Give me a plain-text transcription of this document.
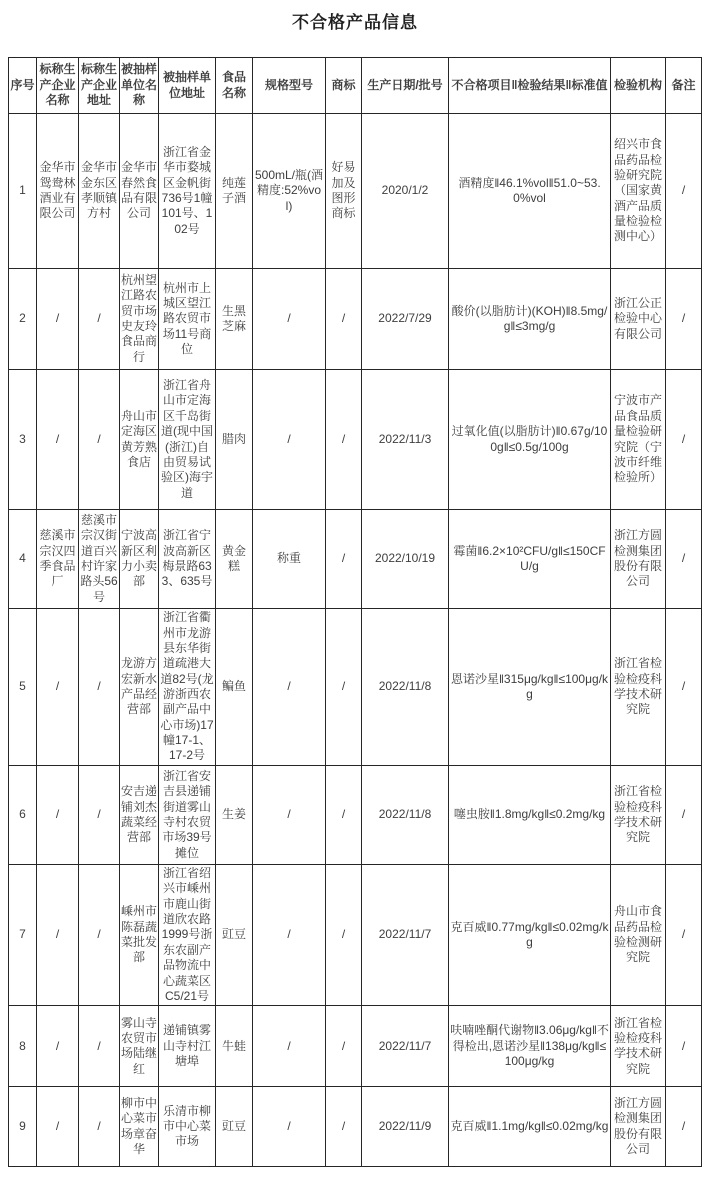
不合格产品信息
序号	标称生产企业名称	标称生产企业地址	被抽样单位名称	被抽样单位地址	食品名称	规格型号	商标	生产日期/批号	不合格项目‖检验结果‖标准值	检验机构	备注
1	金华市鸳鸯林酒业有限公司	金华市金东区孝顺镇方村	金华市春然食品有限公司	浙江省金华市婺城区金帆街736号1幢101号、102号	纯莲子酒	500mL/瓶(酒精度:52%vol)	好易加及图形商标	2020/1/2	酒精度‖46.1%vol‖51.0~53.0%vol	绍兴市食品药品检验研究院（国家黄酒产品质量检验检测中心）	/
2	/	/	杭州望江路农贸市场史友玲食品商行	杭州市上城区望江路农贸市场11号商位	生黑芝麻	/	/	2022/7/29	酸价(以脂肪计)(KOH)‖8.5mg/g‖≤3mg/g	浙江公正检验中心有限公司	/
3	/	/	舟山市定海区黄芳熟食店	浙江省舟山市定海区千岛街道(现中国(浙江)自由贸易试验区)海宇道	腊肉	/	/	2022/11/3	过氧化值(以脂肪计)‖0.67g/100g‖≤0.5g/100g	宁波市产品食品质量检验研究院（宁波市纤维检验所）	/
4	慈溪市宗汉四季食品厂	慈溪市宗汉街道百兴村许家路头56号	宁波高新区利力小卖部	浙江省宁波高新区梅景路633、635号	黄金糕	称重	/	2022/10/19	霉菌‖6.2×10²CFU/g‖≤150CFU/g	浙江方圆检测集团股份有限公司	/
5	/	/	龙游方宏新水产品经营部	浙江省衢州市龙游县东华街道疏港大道82号(龙游浙西农副产品中心市场)17幢17-1、17-2号	鳊鱼	/	/	2022/11/8	恩诺沙星‖315μg/kg‖≤100μg/kg	浙江省检验检疫科学技术研究院	/
6	/	/	安吉递铺刘杰蔬菜经营部	浙江省安吉县递铺街道雾山寺村农贸市场39号摊位	生姜	/	/	2022/11/8	噻虫胺‖1.8mg/kg‖≤0.2mg/kg	浙江省检验检疫科学技术研究院	/
7	/	/	嵊州市陈磊蔬菜批发部	浙江省绍兴市嵊州市鹿山街道欣农路1999号浙东农副产品物流中心蔬菜区C5/21号	豇豆	/	/	2022/11/7	克百威‖0.77mg/kg‖≤0.02mg/kg	舟山市食品药品检验检测研究院	/
8	/	/	雾山寺农贸市场陆继红	递铺镇雾山寺村江塘埠	牛蛙	/	/	2022/11/7	呋喃唑酮代谢物‖3.06μg/kg‖不得检出,恩诺沙星‖138μg/kg‖≤100μg/kg	浙江省检验检疫科学技术研究院	/
9	/	/	柳市中心菜市场章奋华	乐清市柳市中心菜市场	豇豆	/	/	2022/11/9	克百威‖1.1mg/kg‖≤0.02mg/kg	浙江方圆检测集团股份有限公司	/
